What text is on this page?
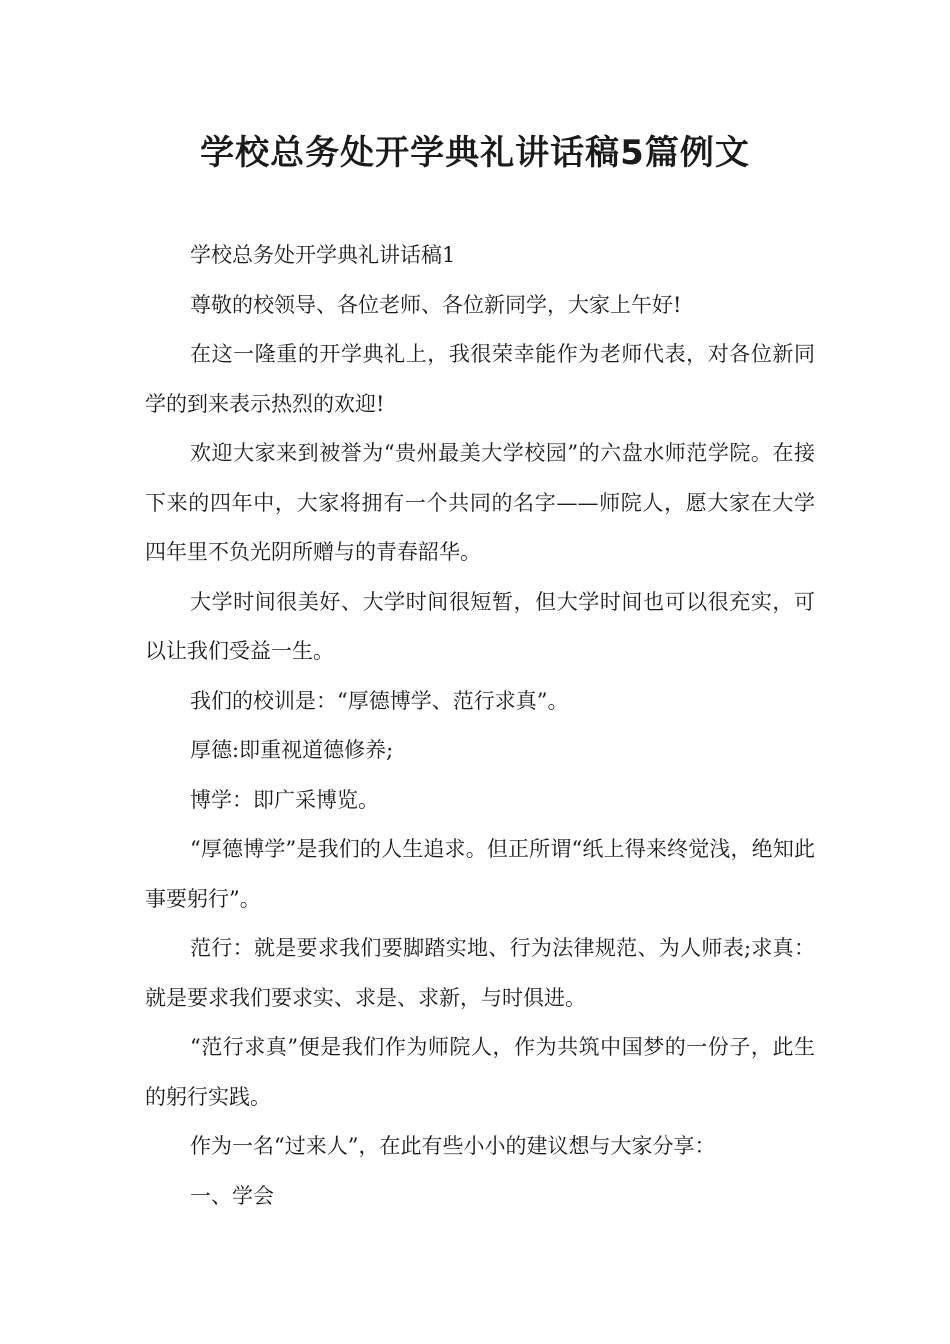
学校总务处开学典礼讲话稿5篇例文

学校总务处开学典礼讲话稿1

尊敬的校领导、各位老师、各位新同学，大家上午好!

在这一隆重的开学典礼上，我很荣幸能作为老师代表，对各位新同学的到来表示热烈的欢迎!

欢迎大家来到被誉为“贵州最美大学校园”的六盘水师范学院。在接下来的四年中，大家将拥有一个共同的名字——师院人，愿大家在大学四年里不负光阴所赠与的青春韶华。

大学时间很美好、大学时间很短暂，但大学时间也可以很充实，可以让我们受益一生。

我们的校训是：“厚德博学、范行求真”。

厚德:即重视道德修养;

博学：即广采博览。

“厚德博学”是我们的人生追求。但正所谓“纸上得来终觉浅，绝知此事要躬行”。

范行：就是要求我们要脚踏实地、行为法律规范、为人师表;求真：就是要求我们要求实、求是、求新，与时俱进。

“范行求真”便是我们作为师院人，作为共筑中国梦的一份子，此生的躬行实践。

作为一名“过来人”，在此有些小小的建议想与大家分享：

一、学会
